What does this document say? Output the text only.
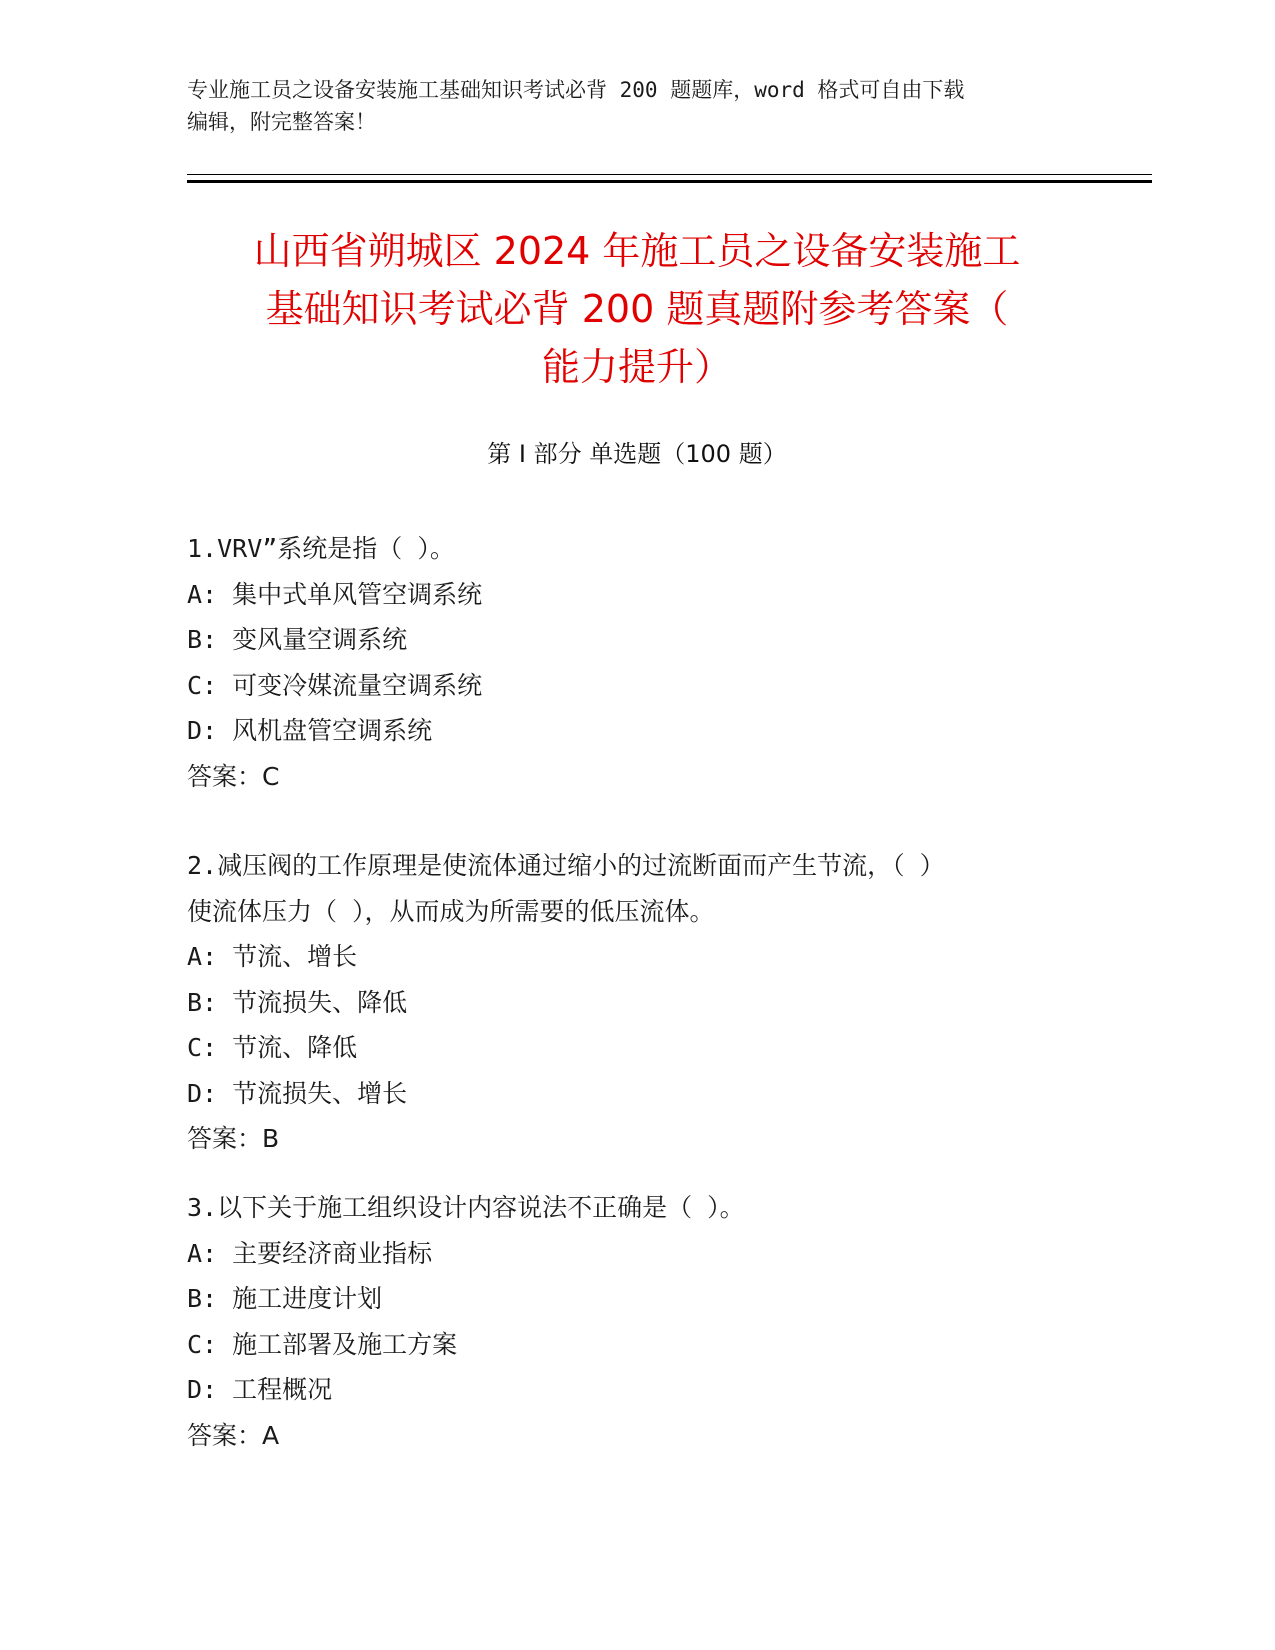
专业施工员之设备安装施工基础知识考试必背 200 题题库，word 格式可自由下载
编辑，附完整答案！
山西省朔城区 2024 年施工员之设备安装施工
基础知识考试必背 200 题真题附参考答案（
能力提升）
第 I 部分 单选题（100 题）
1.VRV”系统是指（ ）。
A: 集中式单风管空调系统
B: 变风量空调系统
C: 可变冷媒流量空调系统
D: 风机盘管空调系统
答案：C
2.减压阀的工作原理是使流体通过缩小的过流断面而产生节流，（ ）
使流体压力（ ），从而成为所需要的低压流体。
A: 节流、增长
B: 节流损失、降低
C: 节流、降低
D: 节流损失、增长
答案：B
3.以下关于施工组织设计内容说法不正确是（ ）。
A: 主要经济商业指标
B: 施工进度计划
C: 施工部署及施工方案
D: 工程概况
答案：A
